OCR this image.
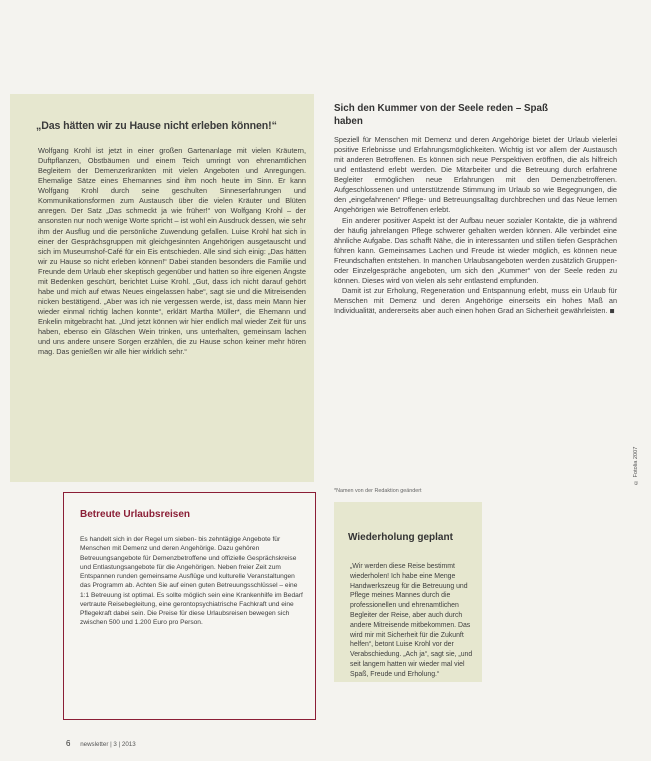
„Das hätten wir zu Hause nicht erleben können!“

Wolfgang Krohl ist jetzt in einer großen Gartenanlage mit vielen Kräutern, Duftpflanzen, Obstbäumen und einem Teich umringt von ehrenamtlichen Begleitern der Demenzerkrankten mit vielen Angeboten und Anregungen. Ehemalige Sätze eines Ehemannes sind ihm noch heute im Sinn. Er kann Wolfgang Krohl durch seine geschulten Sinneserfahrungen und Kommunikationsformen zum Austausch über die vielen Kräuter und Blüten anregen. Der Satz „Das schmeckt ja wie früher!“ von Wolfgang Krohl – der ansonsten nur noch wenige Worte spricht – ist wohl ein Ausdruck dessen, wie sehr ihm der Ausflug und die persönliche Zuwendung gefallen. Luise Krohl hat sich in einer der Gesprächsgruppen mit gleichgesinnten Angehörigen ausgetauscht und sich im Museumshof-Café für ein Eis entschieden. Alle sind sich einig: „Das hätten wir zu Hause so nicht erleben können!“ Dabei standen besonders die Familie und Freunde dem Urlaub eher skeptisch gegenüber und hatten so ihre eigenen Ängste mit Bedenken geschürt, berichtet Luise Krohl. „Gut, dass ich nicht darauf gehört habe und mich auf etwas Neues eingelassen habe“, sagt sie und die Mitreisenden nicken bestätigend. „Aber was ich nie vergessen werde, ist, dass mein Mann hier wieder einmal richtig lachen konnte“, erklärt Martha Müller*, die Ehemann und Enkelin mitgebracht hat. „Und jetzt können wir hier endlich mal wieder Zeit für uns haben, ebenso ein Gläschen Wein trinken, uns unterhalten, gemeinsam lachen und uns andere unsere Sorgen erzählen, die zu Hause schon keiner mehr hören mag. Das genießen wir alle hier wirklich sehr.“

Sich den Kummer von der Seele reden – Spaß haben

Speziell für Menschen mit Demenz und deren Angehörige bietet der Urlaub vielerlei positive Erlebnisse und Erfahrungsmöglichkeiten. Wichtig ist vor allem der Austausch mit anderen Betroffenen. Es können sich neue Perspektiven eröffnen, die als hilfreich und entlastend erlebt werden. Die Mitarbeiter und die Betreuung durch erfahrene Begleiter ermöglichen neue Erfahrungen mit den Demenzbetroffenen. Aufgeschlossenen und unterstützende Stimmung im Urlaub so wie Begegnungen, die den „eingefahrenen“ Pflege- und Betreuungsalltag durchbrechen und das Neue lernen Angehörigen wie Betroffenen erlebt.

Ein anderer positiver Aspekt ist der Aufbau neuer sozialer Kontakte, die ja während der häufig jahrelangen Pflege schwerer gehalten werden können. Alle verbindet eine ähnliche Aufgabe. Das schafft Nähe, die in interessanten und stillen tiefen Gesprächen führen kann. Gemeinsames Lachen und Freude ist wieder möglich, es können neue Freundschaften entstehen. In manchen Urlaubsangeboten werden zusätzlich Gruppen- oder Einzelgespräche angeboten, um sich den „Kummer“ von der Seele reden zu können. Dieses wird von vielen als sehr entlastend empfunden.

Damit ist zur Erholung, Regeneration und Entspannung erlebt, muss ein Urlaub für Menschen mit Demenz und deren Angehörige einerseits ein hohes Maß an Individualität, andererseits aber auch einen hohen Grad an Sicherheit gewährleisten. ◾

*Namen von der Redaktion geändert
Betreute Urlaubsreisen

Es handelt sich in der Regel um sieben- bis zehntägige Angebote für Menschen mit Demenz und deren Angehörige. Dazu gehören Betreuungsangebote für Demenzbetroffene und offizielle Gesprächskreise und Entlastungsangebote für die Angehörigen. Neben freier Zeit zum Entspannen runden gemeinsame Ausflüge und kulturelle Veranstaltungen das Programm ab. Achten Sie auf einen guten Betreuungsschlüssel – eine 1:1 Betreuung ist optimal. Es sollte möglich sein eine Krankenhilfe im Bedarf vertraute Reisebegleitung, eine gerontopsychiatrische Fachkraft und eine Pflegekraft dabei sein. Die Preise für diese Urlaubsreisen bewegen sich zwischen 500 und 1.200 Euro pro Person.

Wiederholung geplant

„Wir werden diese Reise bestimmt wiederholen! Ich habe eine Menge Handwerkszeug für die Betreuung und Pflege meines Mannes durch die professionellen und ehrenamtlichen Begleiter der Reise, aber auch durch andere Mitreisende mitbekommen. Das wird mir mit Sicherheit für die Zukunft helfen“, betont Luise Krohl vor der Verabschiedung. „Ach ja“, sagt sie, „und seit langem hatten wir wieder mal viel Spaß, Freude und Erholung.“

© Fotolia 2007
6 newsletter | 3 | 2013
